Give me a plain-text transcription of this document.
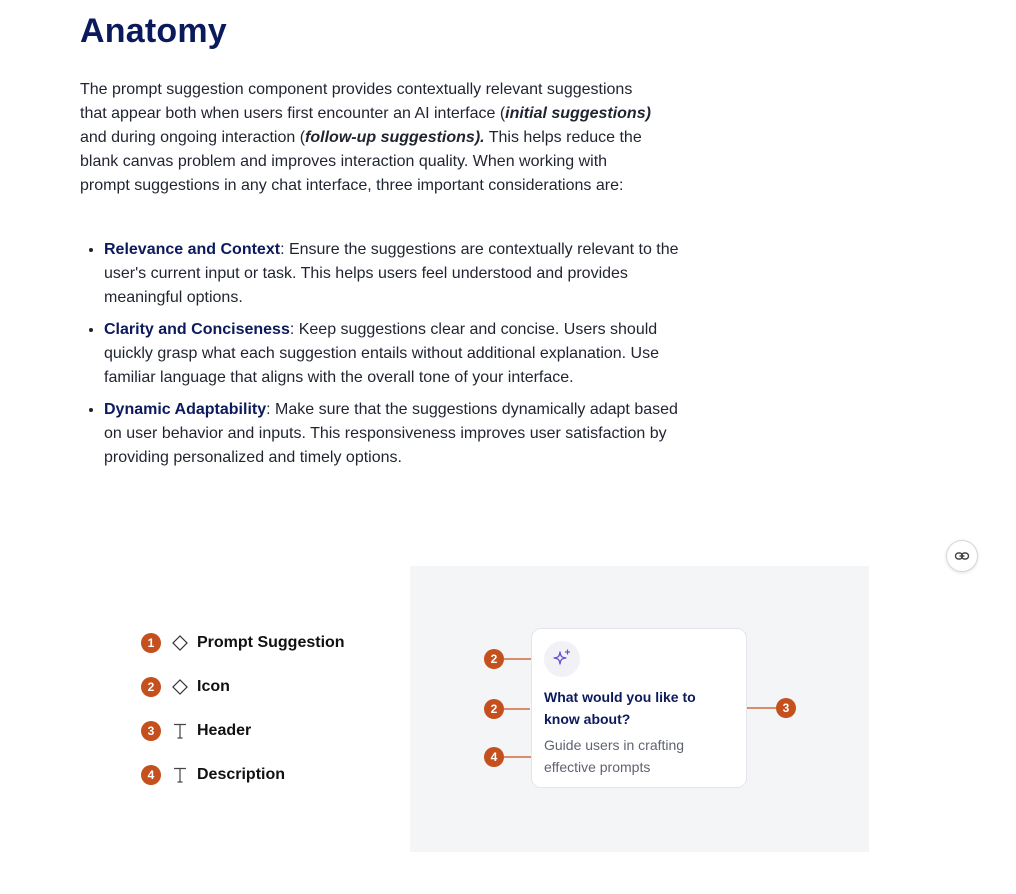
Anatomy

The prompt suggestion component provides contextually relevant suggestions that appear both when users first encounter an AI interface (initial suggestions) and during ongoing interaction (follow-up suggestions). This helps reduce the blank canvas problem and improves interaction quality. When working with prompt suggestions in any chat interface, three important considerations are:

• Relevance and Context: Ensure the suggestions are contextually relevant to the user's current input or task. This helps users feel understood and provides meaningful options.
• Clarity and Conciseness: Keep suggestions clear and concise. Users should quickly grasp what each suggestion entails without additional explanation. Use familiar language that aligns with the overall tone of your interface.
• Dynamic Adaptability: Make sure that the suggestions dynamically adapt based on user behavior and inputs. This responsiveness improves user satisfaction by providing personalized and timely options.
1	Prompt Suggestion
2	Icon
3	Header
4	Description
2
2	3
4
What would you like to know about?
Guide users in crafting effective prompts
